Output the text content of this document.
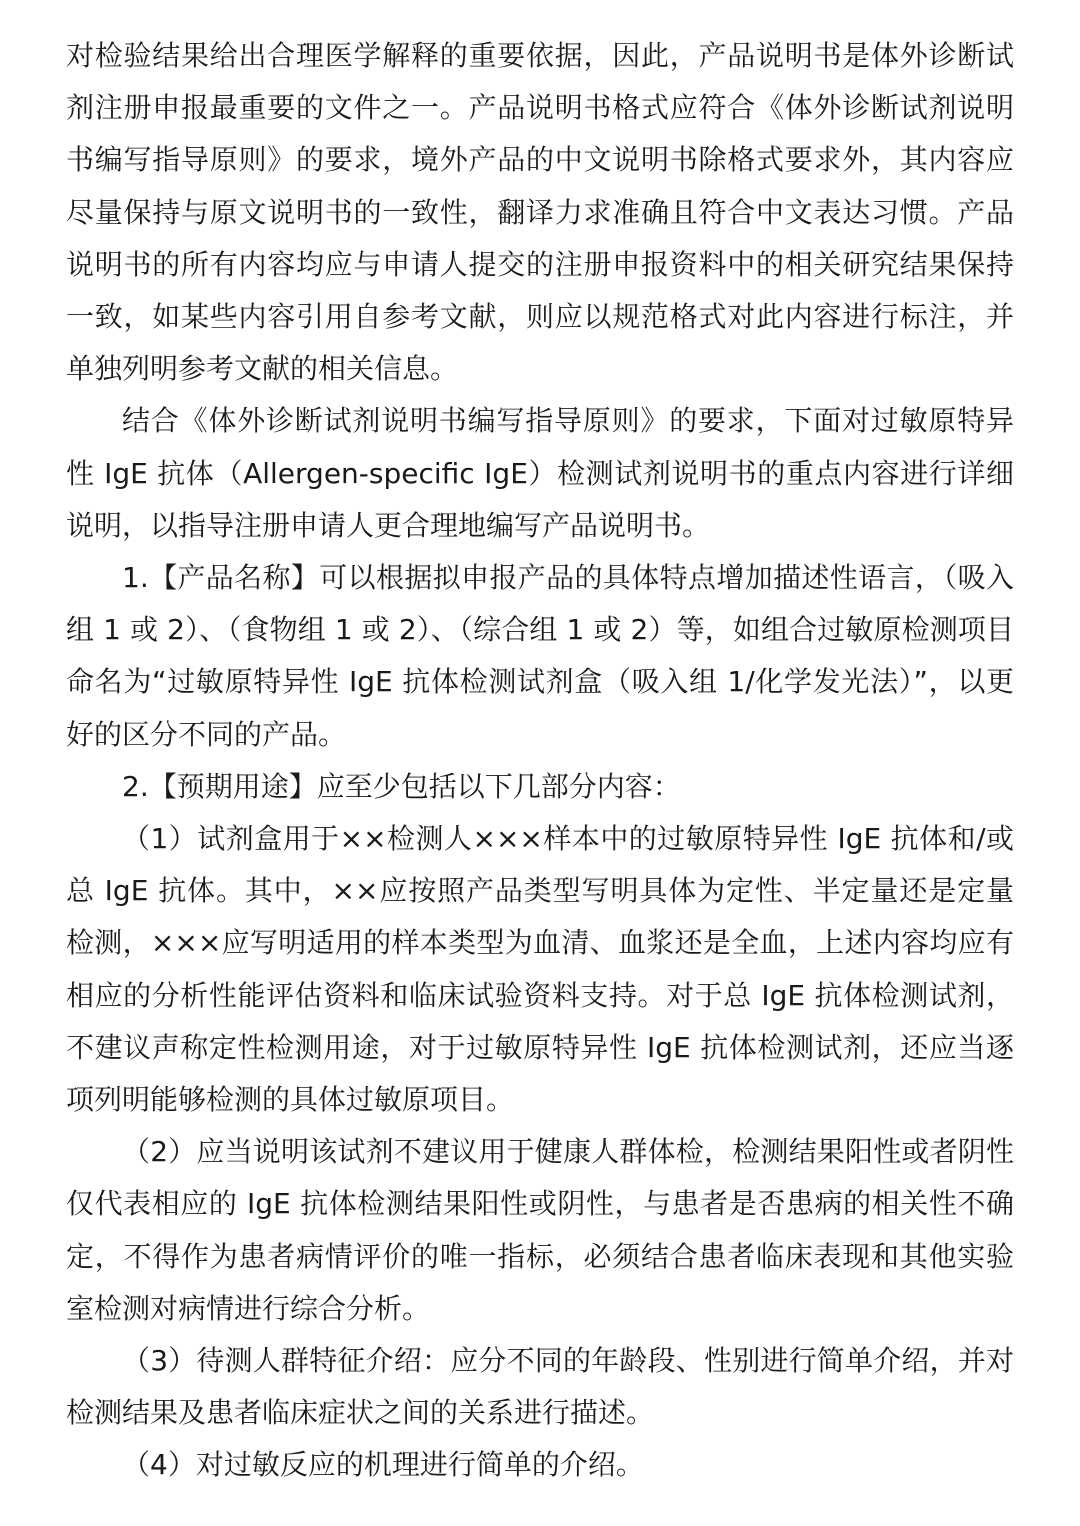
对检验结果给出合理医学解释的重要依据，因此，产品说明书是体外诊断试剂注册申报最重要的文件之一。产品说明书格式应符合《体外诊断试剂说明书编写指导原则》的要求，境外产品的中文说明书除格式要求外，其内容应尽量保持与原文说明书的一致性，翻译力求准确且符合中文表达习惯。产品说明书的所有内容均应与申请人提交的注册申报资料中的相关研究结果保持一致，如某些内容引用自参考文献，则应以规范格式对此内容进行标注，并单独列明参考文献的相关信息。

结合《体外诊断试剂说明书编写指导原则》的要求，下面对过敏原特异性 IgE 抗体（Allergen-specific IgE）检测试剂说明书的重点内容进行详细说明，以指导注册申请人更合理地编写产品说明书。

1.【产品名称】可以根据拟申报产品的具体特点增加描述性语言，（吸入组 1 或 2）、（食物组 1 或 2）、（综合组 1 或 2）等，如组合过敏原检测项目命名为“过敏原特异性 IgE 抗体检测试剂盒（吸入组 1/化学发光法）”，以更好的区分不同的产品。

2.【预期用途】应至少包括以下几部分内容：

（1）试剂盒用于××检测人×××样本中的过敏原特异性 IgE 抗体和/或总 IgE 抗体。其中，××应按照产品类型写明具体为定性、半定量还是定量检测，×××应写明适用的样本类型为血清、血浆还是全血，上述内容均应有相应的分析性能评估资料和临床试验资料支持。对于总 IgE 抗体检测试剂，不建议声称定性检测用途，对于过敏原特异性 IgE 抗体检测试剂，还应当逐项列明能够检测的具体过敏原项目。

（2）应当说明该试剂不建议用于健康人群体检，检测结果阳性或者阴性仅代表相应的 IgE 抗体检测结果阳性或阴性，与患者是否患病的相关性不确定，不得作为患者病情评价的唯一指标，必须结合患者临床表现和其他实验室检测对病情进行综合分析。

（3）待测人群特征介绍：应分不同的年龄段、性别进行简单介绍，并对检测结果及患者临床症状之间的关系进行描述。

（4）对过敏反应的机理进行简单的介绍。
